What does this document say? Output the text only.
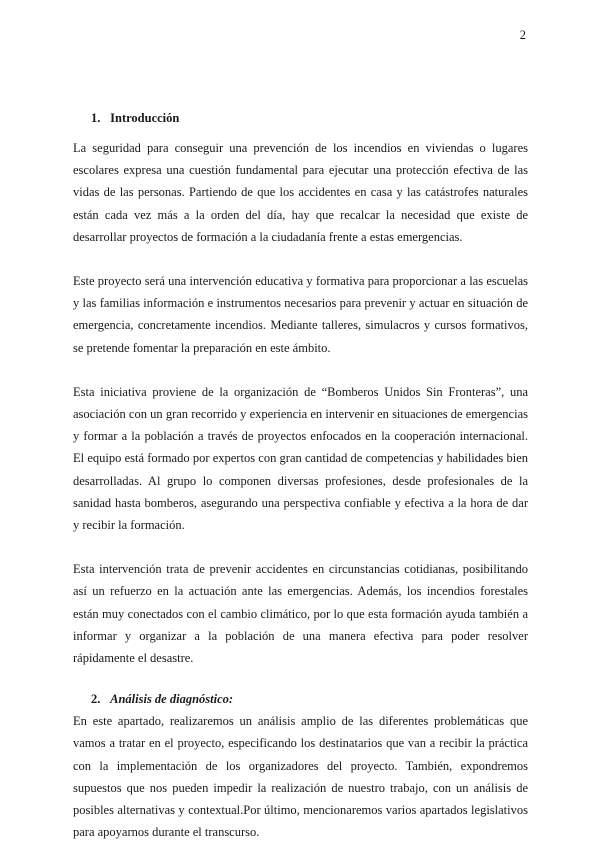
2
1. Introducción

La seguridad para conseguir una prevención de los incendios en viviendas o lugares escolares expresa una cuestión fundamental para ejecutar una protección efectiva de las vidas de las personas. Partiendo de que los accidentes en casa y las catástrofes naturales están cada vez más a la orden del día, hay que recalcar la necesidad que existe de desarrollar proyectos de formación a la ciudadanía frente a estas emergencias.

Este proyecto será una intervención educativa y formativa para proporcionar a las escuelas y las familias información e instrumentos necesarios para prevenir y actuar en situación de emergencia, concretamente incendios. Mediante talleres, simulacros y cursos formativos, se pretende fomentar la preparación en este ámbito.

Esta iniciativa proviene de la organización de “Bomberos Unidos Sin Fronteras”, una asociación con un gran recorrido y experiencia en intervenir en situaciones de emergencias y formar a la población a través de proyectos enfocados en la cooperación internacional. El equipo está formado por expertos con gran cantidad de competencias y habilidades bien desarrolladas. Al grupo lo componen diversas profesiones, desde profesionales de la sanidad hasta bomberos, asegurando una perspectiva confiable y efectiva a la hora de dar y recibir la formación.

Esta intervención trata de prevenir accidentes en circunstancias cotidianas, posibilitando así un refuerzo en la actuación ante las emergencias. Además, los incendios forestales están muy conectados con el cambio climático, por lo que esta formación ayuda también a informar y organizar a la población de una manera efectiva para poder resolver rápidamente el desastre.

2. Análisis de diagnóstico:

En este apartado, realizaremos un análisis amplio de las diferentes problemáticas que vamos a tratar en el proyecto, especificando los destinatarios que van a recibir la práctica con la implementación de los organizadores del proyecto. También, expondremos supuestos que nos pueden impedir la realización de nuestro trabajo, con un análisis de posibles alternativas y contextual.Por último, mencionaremos varios apartados legislativos para apoyarnos durante el transcurso.
